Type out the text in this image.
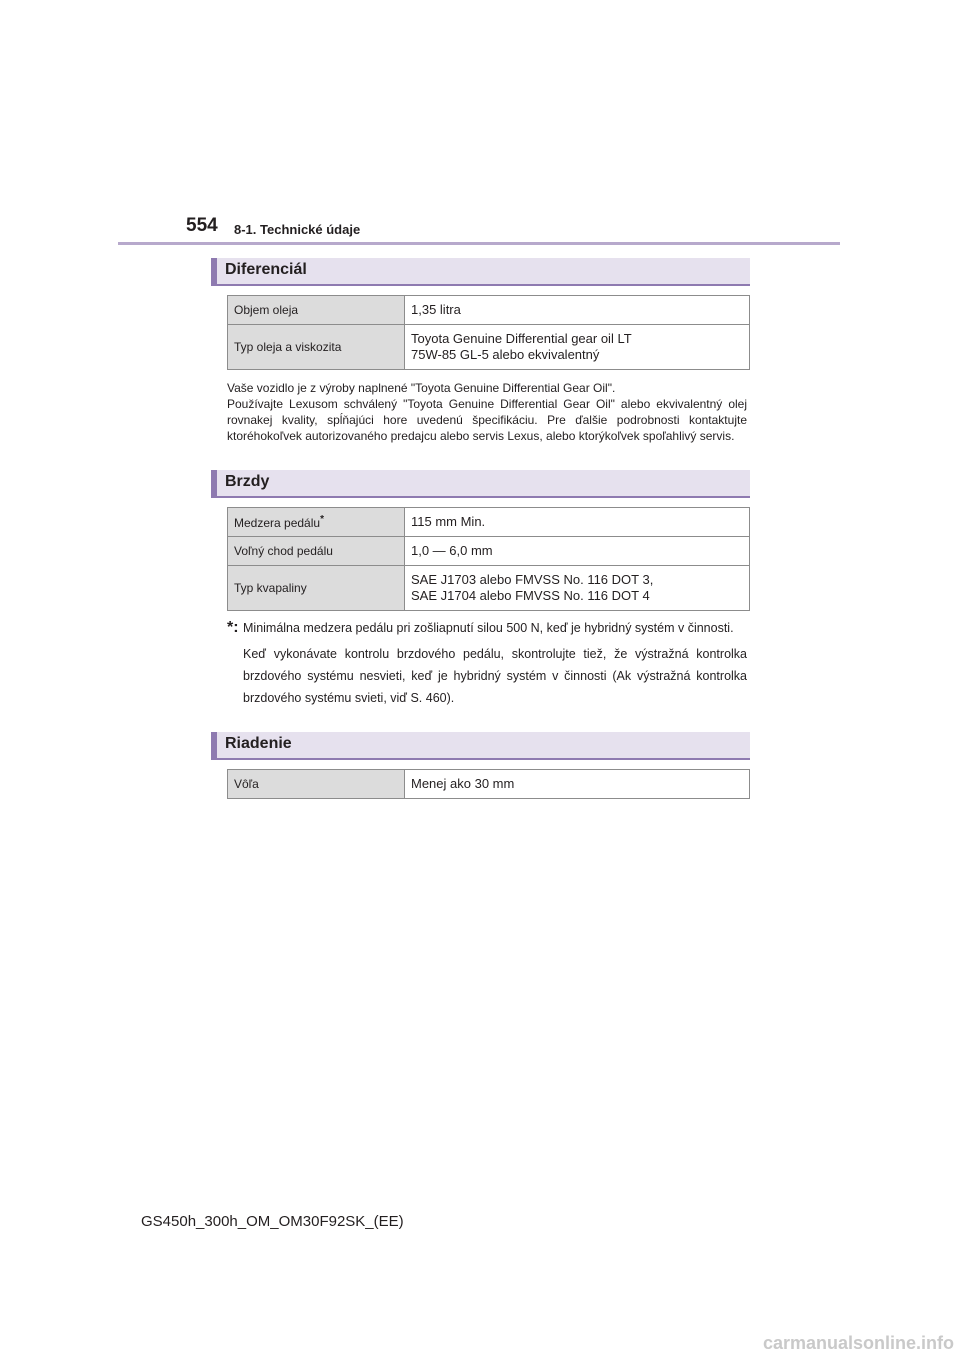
554 8-1. Technické údaje
Diferenciál
Objem oleja	1,35 litra
Typ oleja a viskozita	Toyota Genuine Differential gear oil LT
75W-85 GL-5 alebo ekvivalentný
Vaše vozidlo je z výroby naplnené "Toyota Genuine Differential Gear Oil".
Používajte Lexusom schválený "Toyota Genuine Differential Gear Oil" alebo ekvivalentný olej rovnakej kvality, spĺňajúci hore uvedenú špecifikáciu. Pre ďalšie podrobnosti kontaktujte ktoréhokoľvek autorizovaného predajcu alebo servis Lexus, alebo ktorýkoľvek spoľahlivý servis.
Brzdy
Medzera pedálu*	115 mm Min.
Voľný chod pedálu	1,0 — 6,0 mm
Typ kvapaliny	SAE J1703 alebo FMVSS No. 116 DOT 3,
SAE J1704 alebo FMVSS No. 116 DOT 4
*: Minimálna medzera pedálu pri zošliapnutí silou 500 N, keď je hybridný systém v činnosti.
Keď vykonávate kontrolu brzdového pedálu, skontrolujte tiež, že výstražná kontrolka brzdového systému nesvieti, keď je hybridný systém v činnosti (Ak výstražná kontrolka brzdového systému svieti, viď S. 460).
Riadenie
Vôľa	Menej ako 30 mm
GS450h_300h_OM_OM30F92SK_(EE)
carmanualsonline.info
